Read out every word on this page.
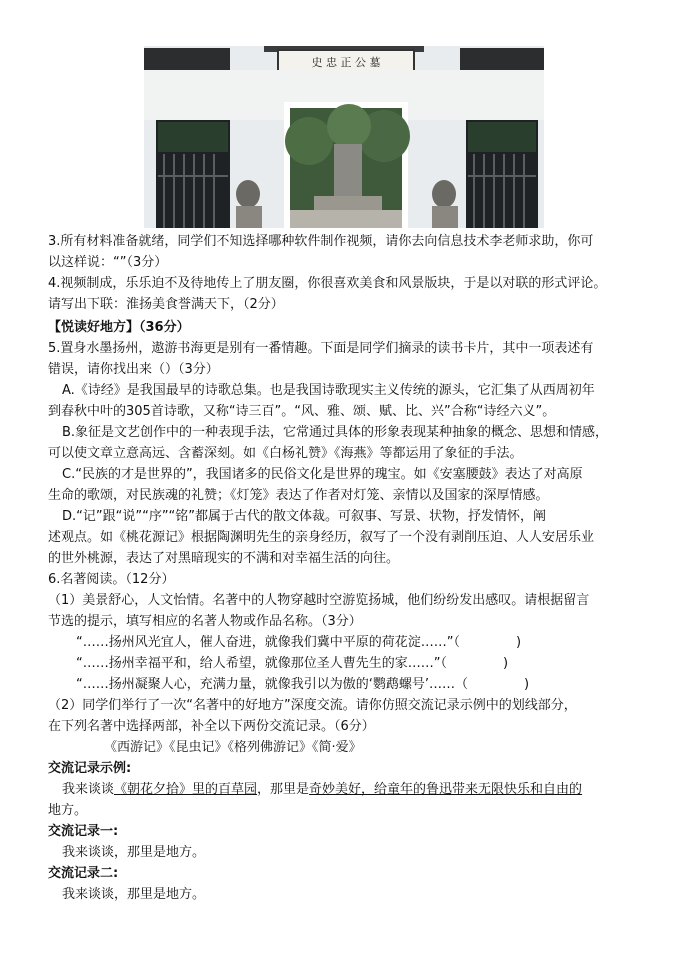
史 忠 正 公 墓
3.所有材料准备就绪，同学们不知选择哪种软件制作视频，请你去向信息技术李老师求助，你可
以这样说：“”（3分）
4.视频制成，乐乐迫不及待地传上了朋友圈，你很喜欢美食和风景版块，于是以对联的形式评论。
请写出下联：淮扬美食誉满天下，（2分）
【悦读好地方】（36分）
5.置身水墨扬州，遨游书海更是别有一番情趣。下面是同学们摘录的读书卡片，其中一项表述有
错误，请你找出来（）（3分）
A.《诗经》是我国最早的诗歌总集。也是我国诗歌现实主义传统的源头，它汇集了从西周初年
到春秋中叶的305首诗歌，又称“诗三百”。“风、雅、颂、赋、比、兴”合称“诗经六义”。
B.象征是文艺创作中的一种表现手法，它常通过具体的形象表现某种抽象的概念、思想和情感，
可以使文章立意高远、含蓄深刻。如《白杨礼赞》《海燕》等都运用了象征的手法。
C.“民族的才是世界的”，我国诸多的民俗文化是世界的瑰宝。如《安塞腰鼓》表达了对高原
生命的歌颂，对民族魂的礼赞；《灯笼》表达了作者对灯笼、亲情以及国家的深厚情感。
D.“记”跟“说”“序”“铭”都属于古代的散文体裁。可叙事、写景、状物，抒发情怀，阐
述观点。如《桃花源记》根据陶渊明先生的亲身经历，叙写了一个没有剥削压迫、人人安居乐业
的世外桃源，表达了对黑暗现实的不满和对幸福生活的向往。
6.名著阅读。（12分）
（1）美景舒心，人文怡情。名著中的人物穿越时空游览扬城，他们纷纷发出感叹。请根据留言
节选的提示，填写相应的名著人物或作品名称。（3分）
“……扬州风光宜人，催人奋进，就像我们冀中平原的荷花淀……”（	)
“……扬州幸福平和，给人希望，就像那位圣人曹先生的家……”（	)
“……扬州凝聚人心，充满力量，就像我引以为傲的‘鹦鹉螺号’……（	)
（2）同学们举行了一次“名著中的好地方”深度交流。请你仿照交流记录示例中的划线部分，
在下列名著中选择两部，补全以下两份交流记录。（6分）
《西游记》《昆虫记》《格列佛游记》《简·爱》
交流记录示例:
我来谈谈《朝花夕拾》里的百草园，那里是奇妙美好，给童年的鲁迅带来无限快乐和自由的
地方。
交流记录一:
我来谈谈，那里是地方。
交流记录二:
我来谈谈，那里是地方。
